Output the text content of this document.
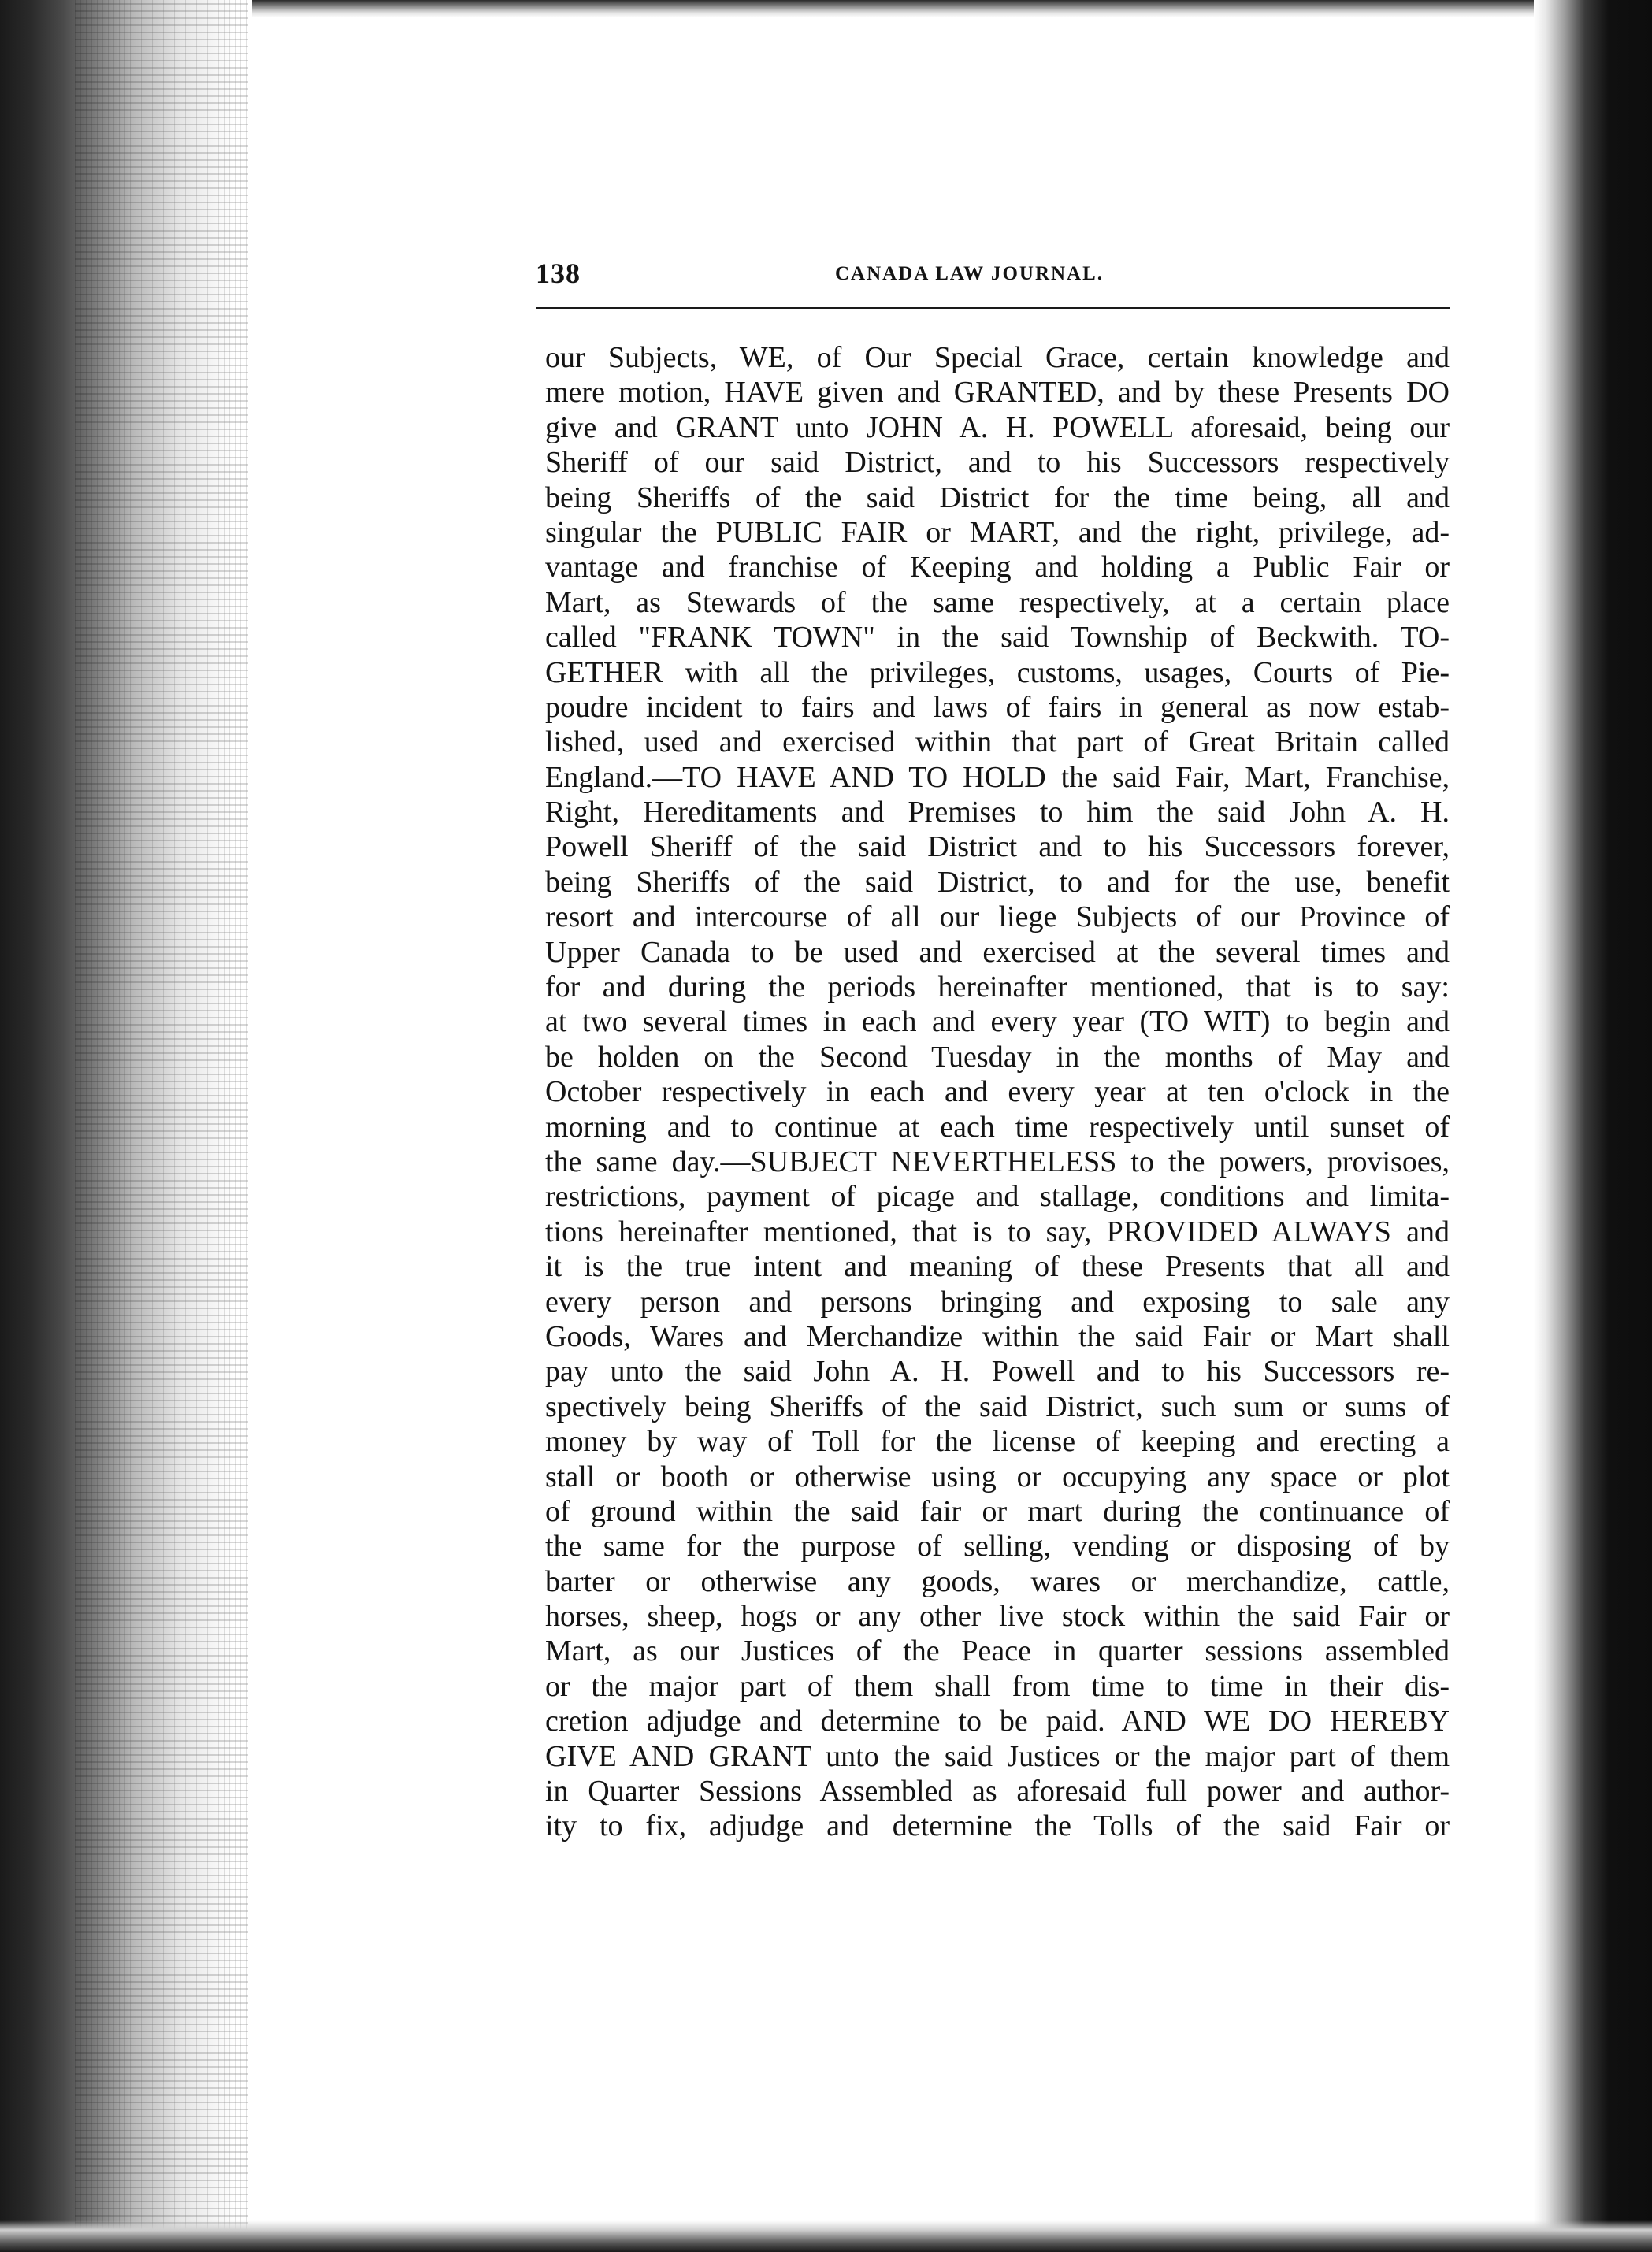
138	CANADA LAW JOURNAL.
our Subjects, WE, of Our Special Grace, certain knowledge and
mere motion, HAVE given and GRANTED, and by these Presents DO
give and GRANT unto JOHN A. H. POWELL aforesaid, being our
Sheriff of our said District, and to his Successors respectively
being Sheriffs of the said District for the time being, all and
singular the PUBLIC FAIR or MART, and the right, privilege, ad-
vantage and franchise of Keeping and holding a Public Fair or
Mart, as Stewards of the same respectively, at a certain place
called "FRANK TOWN" in the said Township of Beckwith. TO-
GETHER with all the privileges, customs, usages, Courts of Pie-
poudre incident to fairs and laws of fairs in general as now estab-
lished, used and exercised within that part of Great Britain called
England.—TO HAVE AND TO HOLD the said Fair, Mart, Franchise,
Right, Hereditaments and Premises to him the said John A. H.
Powell Sheriff of the said District and to his Successors forever,
being Sheriffs of the said District, to and for the use, benefit
resort and intercourse of all our liege Subjects of our Province of
Upper Canada to be used and exercised at the several times and
for and during the periods hereinafter mentioned, that is to say:
at two several times in each and every year (TO WIT) to begin and
be holden on the Second Tuesday in the months of May and
October respectively in each and every year at ten o'clock in the
morning and to continue at each time respectively until sunset of
the same day.—SUBJECT NEVERTHELESS to the powers, provisoes,
restrictions, payment of picage and stallage, conditions and limita-
tions hereinafter mentioned, that is to say, PROVIDED ALWAYS and
it is the true intent and meaning of these Presents that all and
every person and persons bringing and exposing to sale any
Goods, Wares and Merchandize within the said Fair or Mart shall
pay unto the said John A. H. Powell and to his Successors re-
spectively being Sheriffs of the said District, such sum or sums of
money by way of Toll for the license of keeping and erecting a
stall or booth or otherwise using or occupying any space or plot
of ground within the said fair or mart during the continuance of
the same for the purpose of selling, vending or disposing of by
barter or otherwise any goods, wares or merchandize, cattle,
horses, sheep, hogs or any other live stock within the said Fair or
Mart, as our Justices of the Peace in quarter sessions assembled
or the major part of them shall from time to time in their dis-
cretion adjudge and determine to be paid. AND WE DO HEREBY
GIVE AND GRANT unto the said Justices or the major part of them
in Quarter Sessions Assembled as aforesaid full power and author-
ity to fix, adjudge and determine the Tolls of the said Fair or
